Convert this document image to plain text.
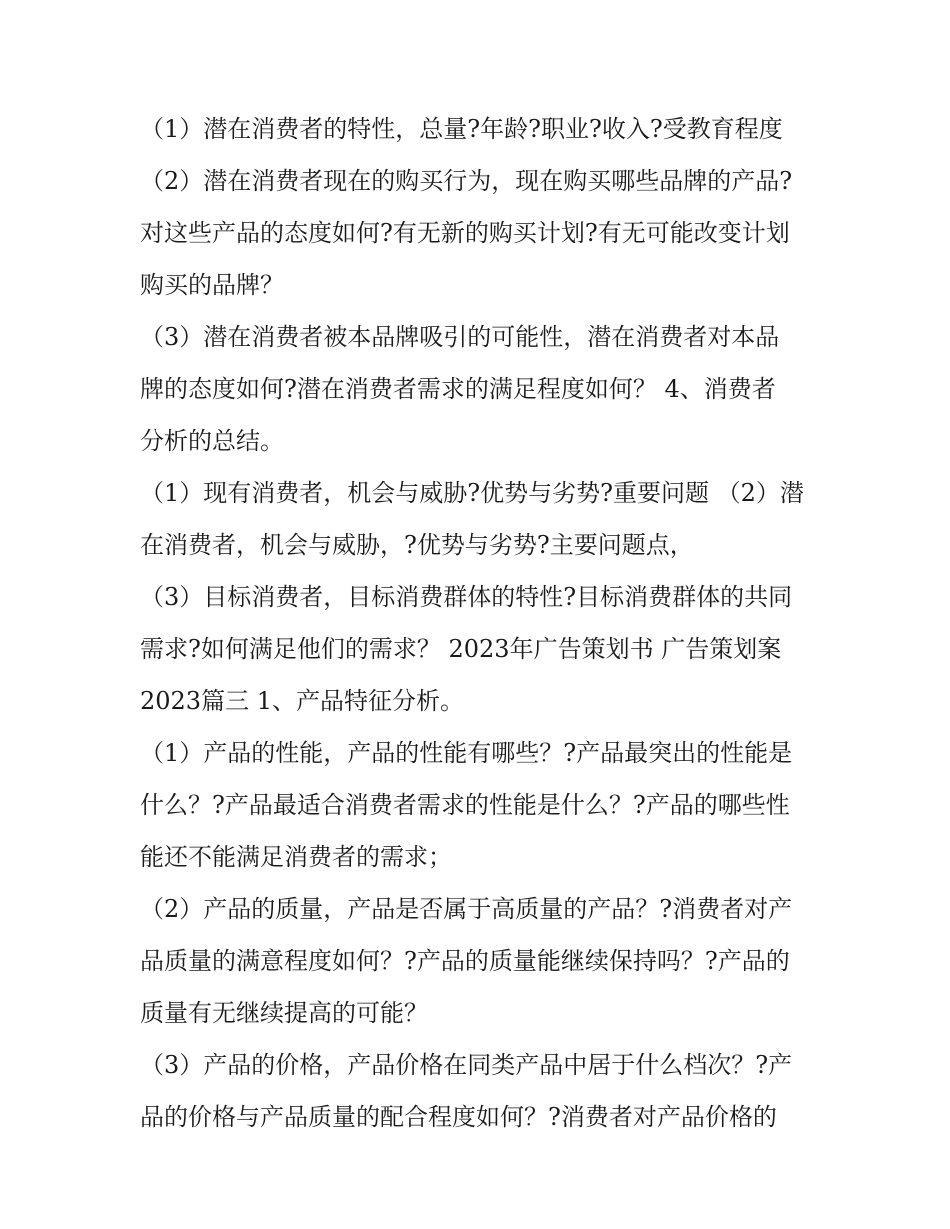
（1）潜在消费者的特性，总量?年龄?职业?收入?受教育程度
（2）潜在消费者现在的购买行为，现在购买哪些品牌的产品?
对这些产品的态度如何?有无新的购买计划?有无可能改变计划
购买的品牌？
（3）潜在消费者被本品牌吸引的可能性，潜在消费者对本品
牌的态度如何?潜在消费者需求的满足程度如何？ 4、消费者
分析的总结。
（1）现有消费者，机会与威胁?优势与劣势?重要问题 （2）潜
在消费者，机会与威胁，?优势与劣势?主要问题点，
（3）目标消费者，目标消费群体的特性?目标消费群体的共同
需求?如何满足他们的需求？ 2023年广告策划书 广告策划案
2023篇三 1、产品特征分析。
（1）产品的性能，产品的性能有哪些？?产品最突出的性能是
什么？?产品最适合消费者需求的性能是什么？?产品的哪些性
能还不能满足消费者的需求；
（2）产品的质量，产品是否属于高质量的产品？?消费者对产
品质量的满意程度如何？?产品的质量能继续保持吗？?产品的
质量有无继续提高的可能？
（3）产品的价格，产品价格在同类产品中居于什么档次？?产
品的价格与产品质量的配合程度如何？?消费者对产品价格的
